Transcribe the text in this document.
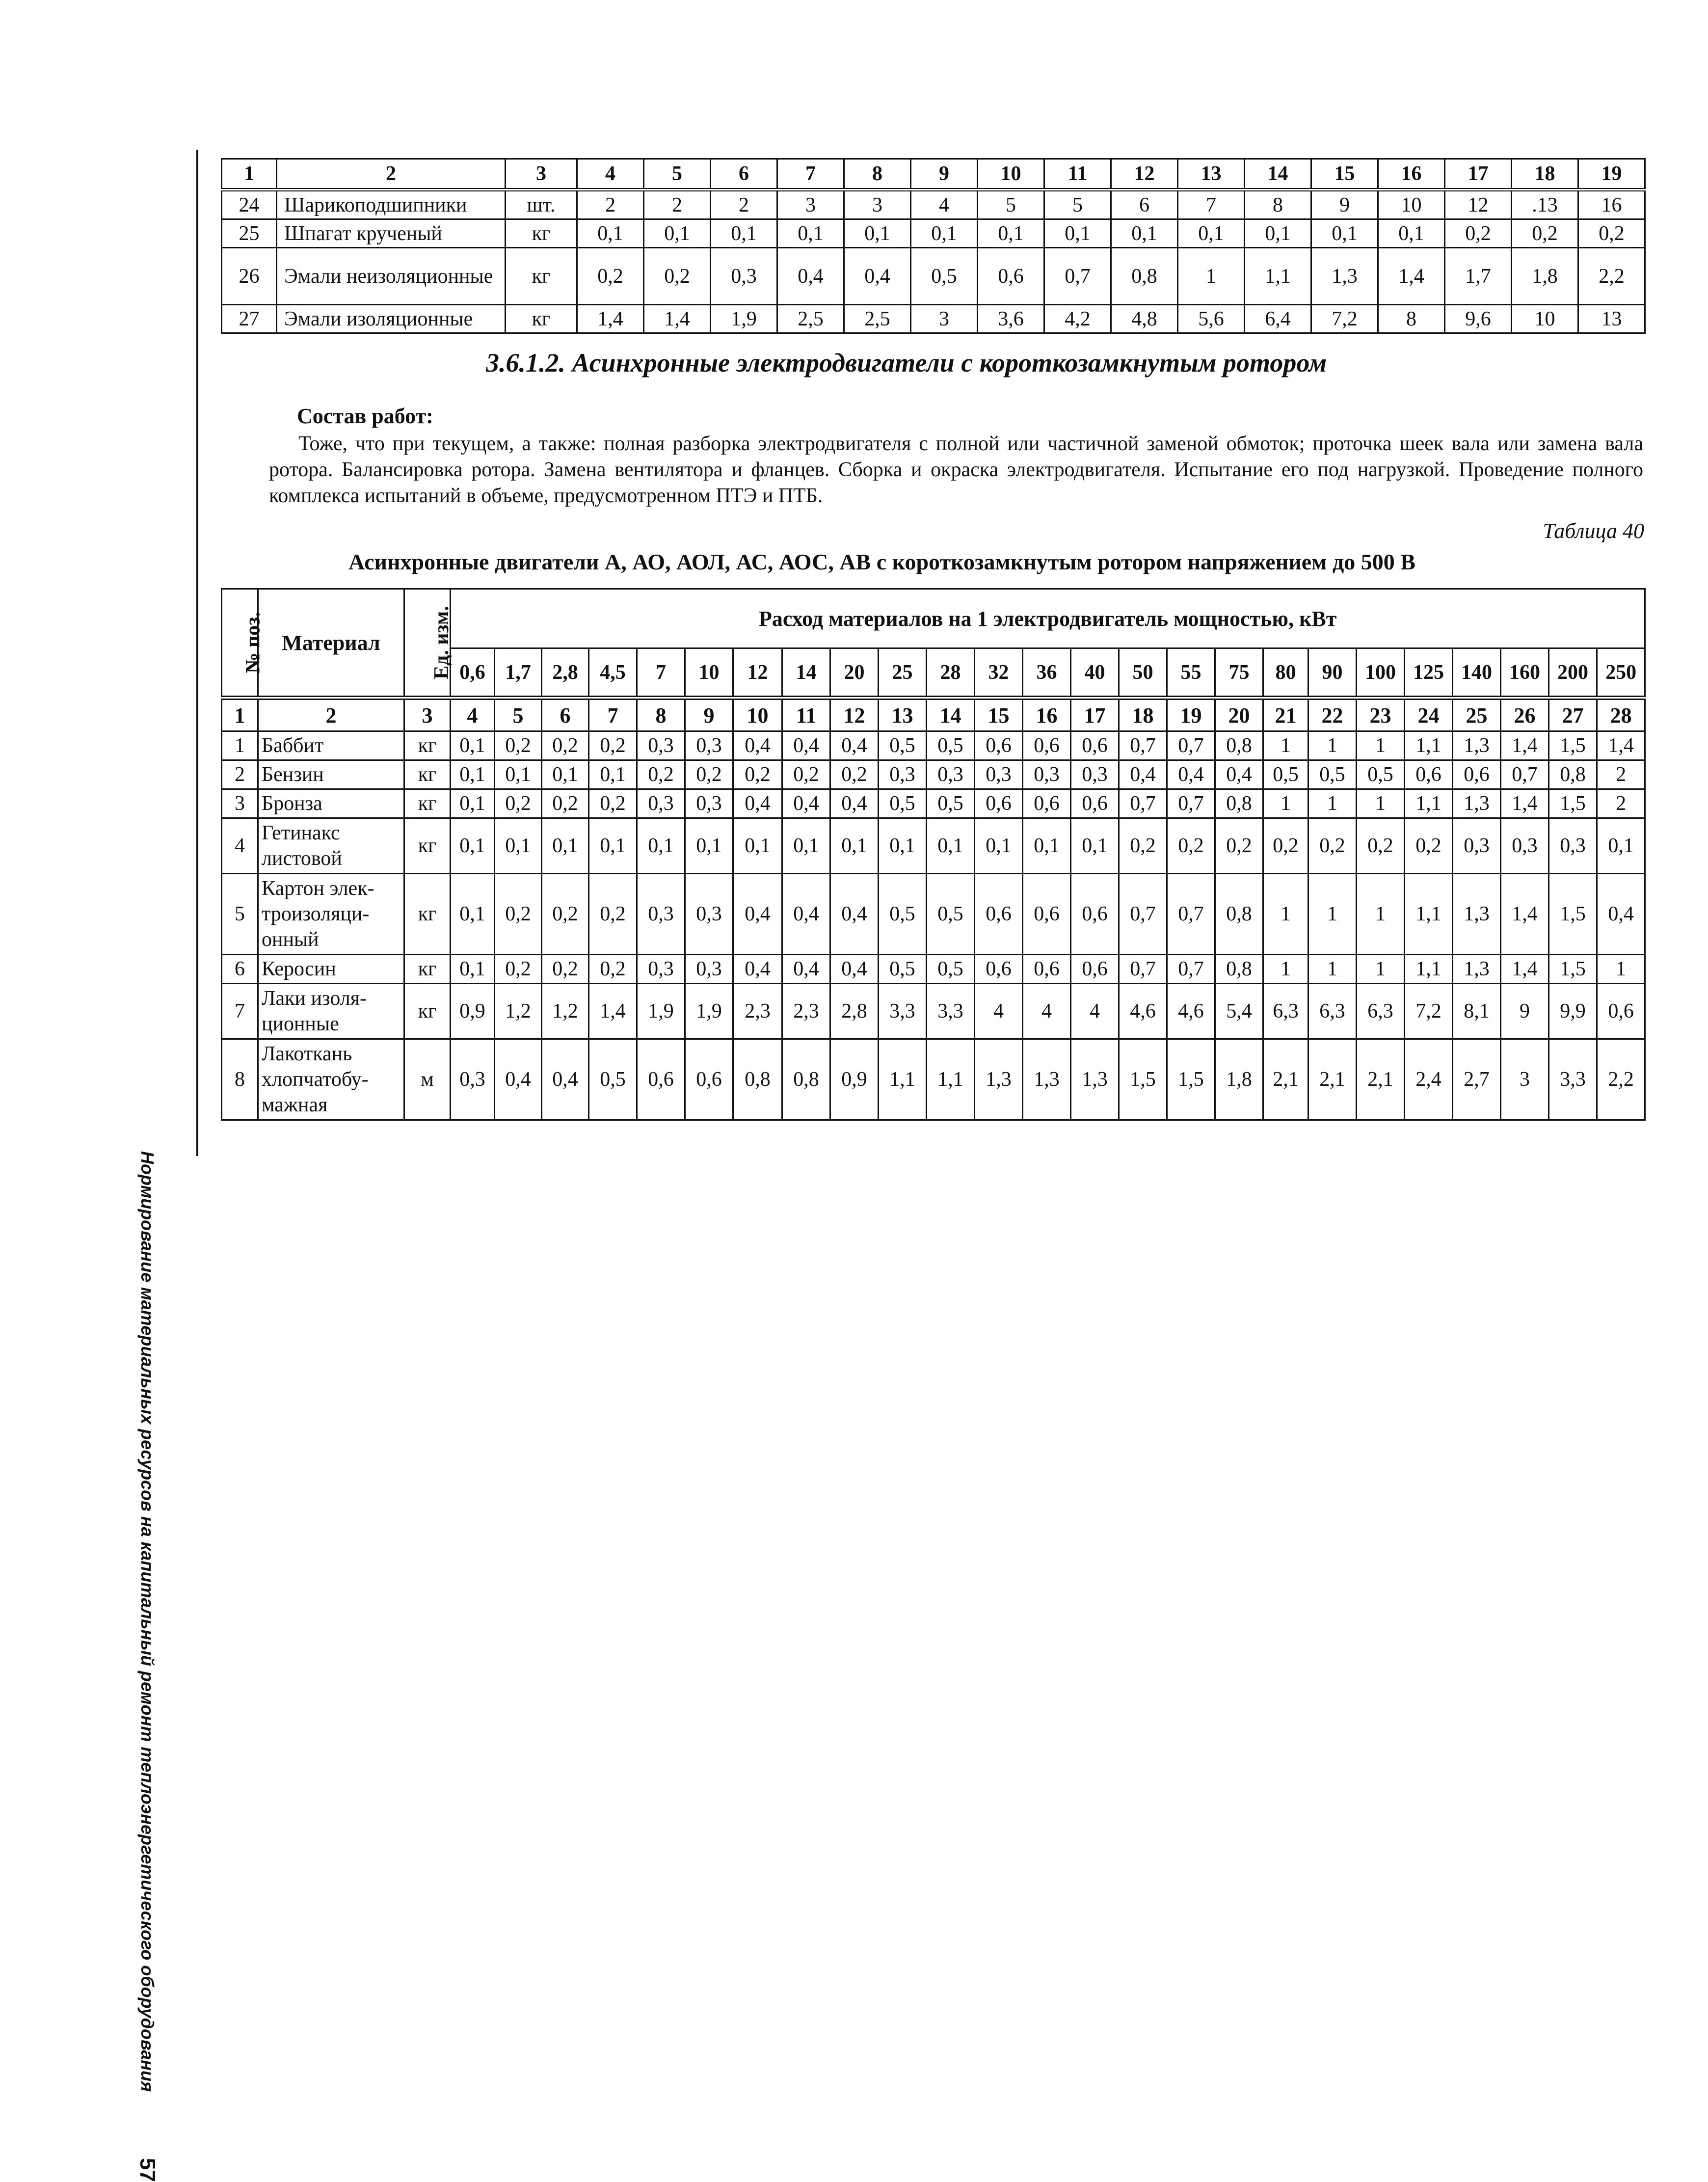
Нормирование материальных ресурсов на капитальный ремонт теплоэнергетического оборудования
57
1	2	3	4	5	6	7	8	9	10	11	12	13	14	15	16	17	18	19
24	Шарикоподшипники	шт.	2	2	2	3	3	4	5	5	6	7	8	9	10	12	.13	16
25	Шпагат крученый	кг	0,1	0,1	0,1	0,1	0,1	0,1	0,1	0,1	0,1	0,1	0,1	0,1	0,1	0,2	0,2	0,2
26	Эмали неизоляционные	кг	0,2	0,2	0,3	0,4	0,4	0,5	0,6	0,7	0,8	1	1,1	1,3	1,4	1,7	1,8	2,2
27	Эмали изоляционные	кг	1,4	1,4	1,9	2,5	2,5	3	3,6	4,2	4,8	5,6	6,4	7,2	8	9,6	10	13
3.6.1.2. Асинхронные электродвигатели с короткозамкнутым ротором
Состав работ:
Тоже, что при текущем, а также: полная разборка электродвигателя с полной или частичной заменой обмоток; проточка шеек вала или замена вала ротора. Балансировка ротора. Замена вентилятора и фланцев. Сборка и окраска электродвигателя. Испытание его под нагрузкой. Проведение полного комплекса испытаний в объеме, предусмотренном ПТЭ и ПТБ.
Таблица 40
Асинхронные двигатели А, АО, АОЛ, АС, АОС, АВ с короткозамкнутым ротором напряжением до 500 В
№ поз.	Материал	Ед. изм.	Расход материалов на 1 электродвигатель мощностью, кВт																								
			0,6	1,7	2,8	4,5	7	10	12	14	20	25	28	32	36	40	50	55	75	80	90	100	125	140	160	200	250
1	2	3	4	5	6	7	8	9	10	11	12	13	14	15	16	17	18	19	20	21	22	23	24	25	26	27	28
1	Баббит	кг	0,1	0,2	0,2	0,2	0,3	0,3	0,4	0,4	0,4	0,5	0,5	0,6	0,6	0,6	0,7	0,7	0,8	1	1	1	1,1	1,3	1,4	1,5	1,4
2	Бензин	кг	0,1	0,1	0,1	0,1	0,2	0,2	0,2	0,2	0,2	0,3	0,3	0,3	0,3	0,3	0,4	0,4	0,4	0,5	0,5	0,5	0,6	0,6	0,7	0,8	2
3	Бронза	кг	0,1	0,2	0,2	0,2	0,3	0,3	0,4	0,4	0,4	0,5	0,5	0,6	0,6	0,6	0,7	0,7	0,8	1	1	1	1,1	1,3	1,4	1,5	2
4	Гетинакс листовой	кг	0,1	0,1	0,1	0,1	0,1	0,1	0,1	0,1	0,1	0,1	0,1	0,1	0,1	0,1	0,2	0,2	0,2	0,2	0,2	0,2	0,2	0,3	0,3	0,3	0,1
5	Картон элек-троизоляци-онный	кг	0,1	0,2	0,2	0,2	0,3	0,3	0,4	0,4	0,4	0,5	0,5	0,6	0,6	0,6	0,7	0,7	0,8	1	1	1	1,1	1,3	1,4	1,5	0,4
6	Керосин	кг	0,1	0,2	0,2	0,2	0,3	0,3	0,4	0,4	0,4	0,5	0,5	0,6	0,6	0,6	0,7	0,7	0,8	1	1	1	1,1	1,3	1,4	1,5	1
7	Лаки изоля-ционные	кг	0,9	1,2	1,2	1,4	1,9	1,9	2,3	2,3	2,8	3,3	3,3	4	4	4	4,6	4,6	5,4	6,3	6,3	6,3	7,2	8,1	9	9,9	0,6
8	Лакоткань хлопчатобу-мажная	м	0,3	0,4	0,4	0,5	0,6	0,6	0,8	0,8	0,9	1,1	1,1	1,3	1,3	1,3	1,5	1,5	1,8	2,1	2,1	2,1	2,4	2,7	3	3,3	2,2
